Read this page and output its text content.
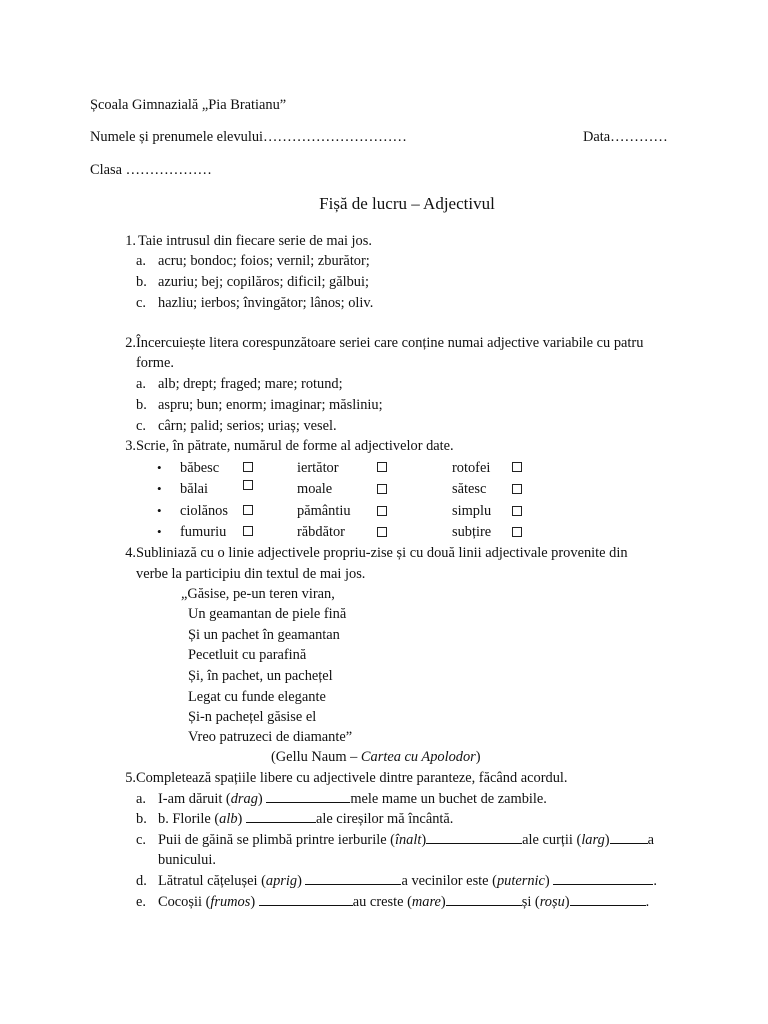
Școala Gimnazială „Pia Bratianu”
Numele și prenumele elevului…………………………	Data…………
Clasa ………………
Fișă de lucru – Adjectivul
1. Taie intrusul din fiecare serie de mai jos.
a. acru; bondoc; foios; vernil; zburător;
b. azuriu; bej; copilăros; dificil; gălbui;
c. hazliu; ierbos; învingător; lânos; oliv.
2. Încercuiește litera corespunzătoare seriei care conține numai adjective variabile cu patru
forme.
a. alb; drept; fraged; mare; rotund;
b. aspru; bun; enorm; imaginar; măsliniu;
c. cârn; palid; serios; uriaș; vesel.
3. Scrie, în pătrate, numărul de forme al adjectivelor date.
• băbesc	iertător	rotofei
• bălai	moale	sătesc
• ciolănos	pământiu	simplu
• fumuriu	răbdător	subțire
4. Subliniază cu o linie adjectivele propriu-zise și cu două linii adjectivale provenite din
verbe la participiu din textul de mai jos.
„Găsise, pe-un teren viran,
Un geamantan de piele fină
Și un pachet în geamantan
Pecetluit cu parafină
Și, în pachet, un pachețel
Legat cu funde elegante
Și-n pachețel găsise el
Vreo patruzeci de diamante”
(Gellu Naum – Cartea cu Apolodor)
5. Completează spațiile libere cu adjectivele dintre paranteze, făcând acordul.
a. I-am dăruit (drag)	mele mame un buchet de zambile.
b. b. Florile (alb)	ale cireșilor mă încântă.
c. Puii de găină se plimbă printre ierburile (înalt)	ale curții (larg)	a
bunicului.
d. Lătratul cățelușei (aprig)	a vecinilor este (puternic)	.
e. Cocoșii (frumos)	au creste (mare)	și (roșu)	.
